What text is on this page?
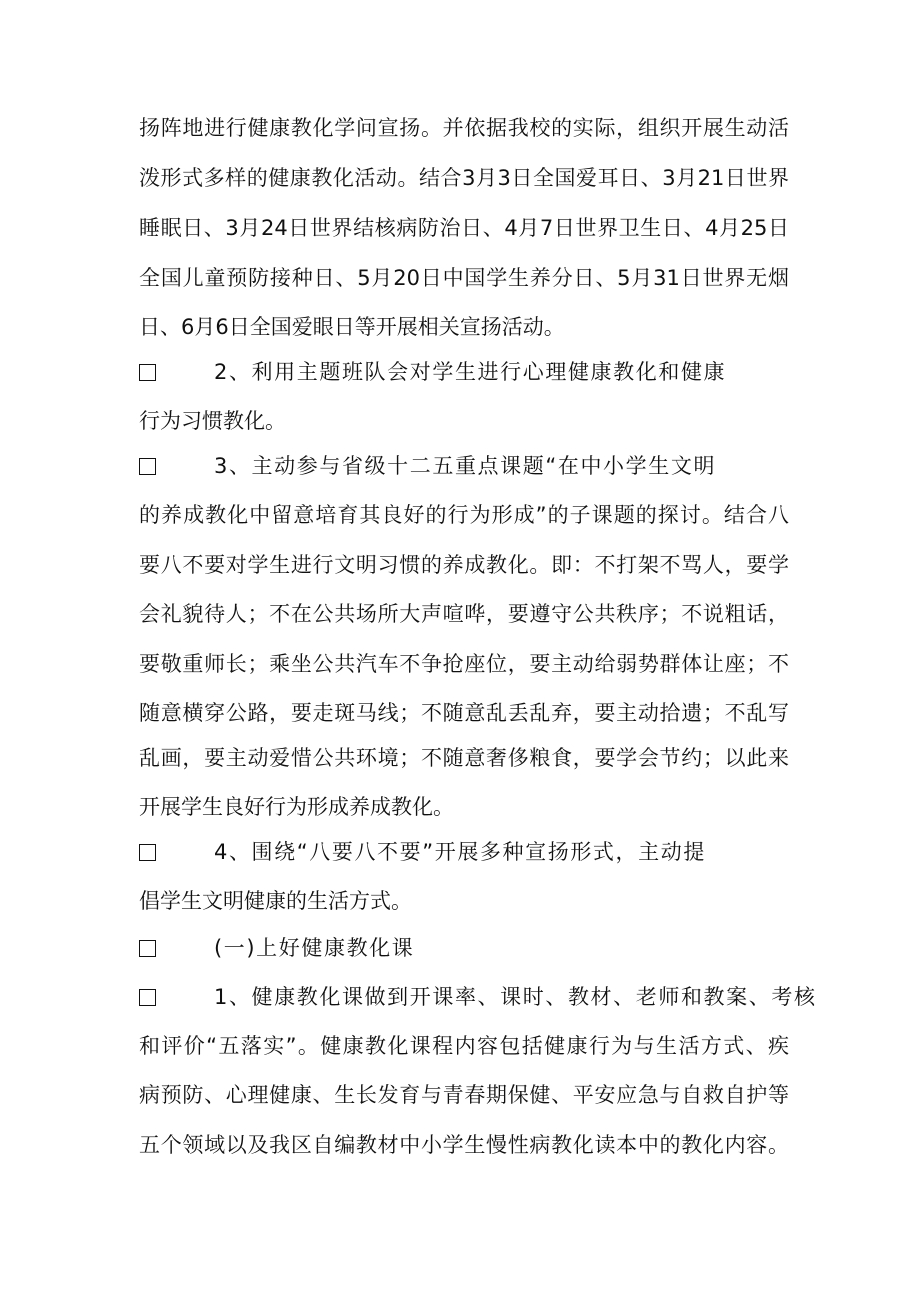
扬阵地进行健康教化学问宣扬。并依据我校的实际，组织开展生动活
泼形式多样的健康教化活动。结合3月3日全国爱耳日、3月21日世界
睡眠日、3月24日世界结核病防治日、4月7日世界卫生日、4月25日
全国儿童预防接种日、5月20日中国学生养分日、5月31日世界无烟
日、6月6日全国爱眼日等开展相关宣扬活动。
2、利用主题班队会对学生进行心理健康教化和健康
行为习惯教化。
3、主动参与省级十二五重点课题“在中小学生文明
的养成教化中留意培育其良好的行为形成”的子课题的探讨。结合八
要八不要对学生进行文明习惯的养成教化。即：不打架不骂人，要学
会礼貌待人；不在公共场所大声喧哗，要遵守公共秩序；不说粗话，
要敬重师长；乘坐公共汽车不争抢座位，要主动给弱势群体让座；不
随意横穿公路，要走斑马线；不随意乱丢乱弃，要主动拾遗；不乱写
乱画，要主动爱惜公共环境；不随意奢侈粮食，要学会节约；以此来
开展学生良好行为形成养成教化。
4、围绕“八要八不要”开展多种宣扬形式，主动提
倡学生文明健康的生活方式。
(一)上好健康教化课
1、健康教化课做到开课率、课时、教材、老师和教案、考核
和评价“五落实”。健康教化课程内容包括健康行为与生活方式、疾
病预防、心理健康、生长发育与青春期保健、平安应急与自救自护等
五个领域以及我区自编教材中小学生慢性病教化读本中的教化内容。
